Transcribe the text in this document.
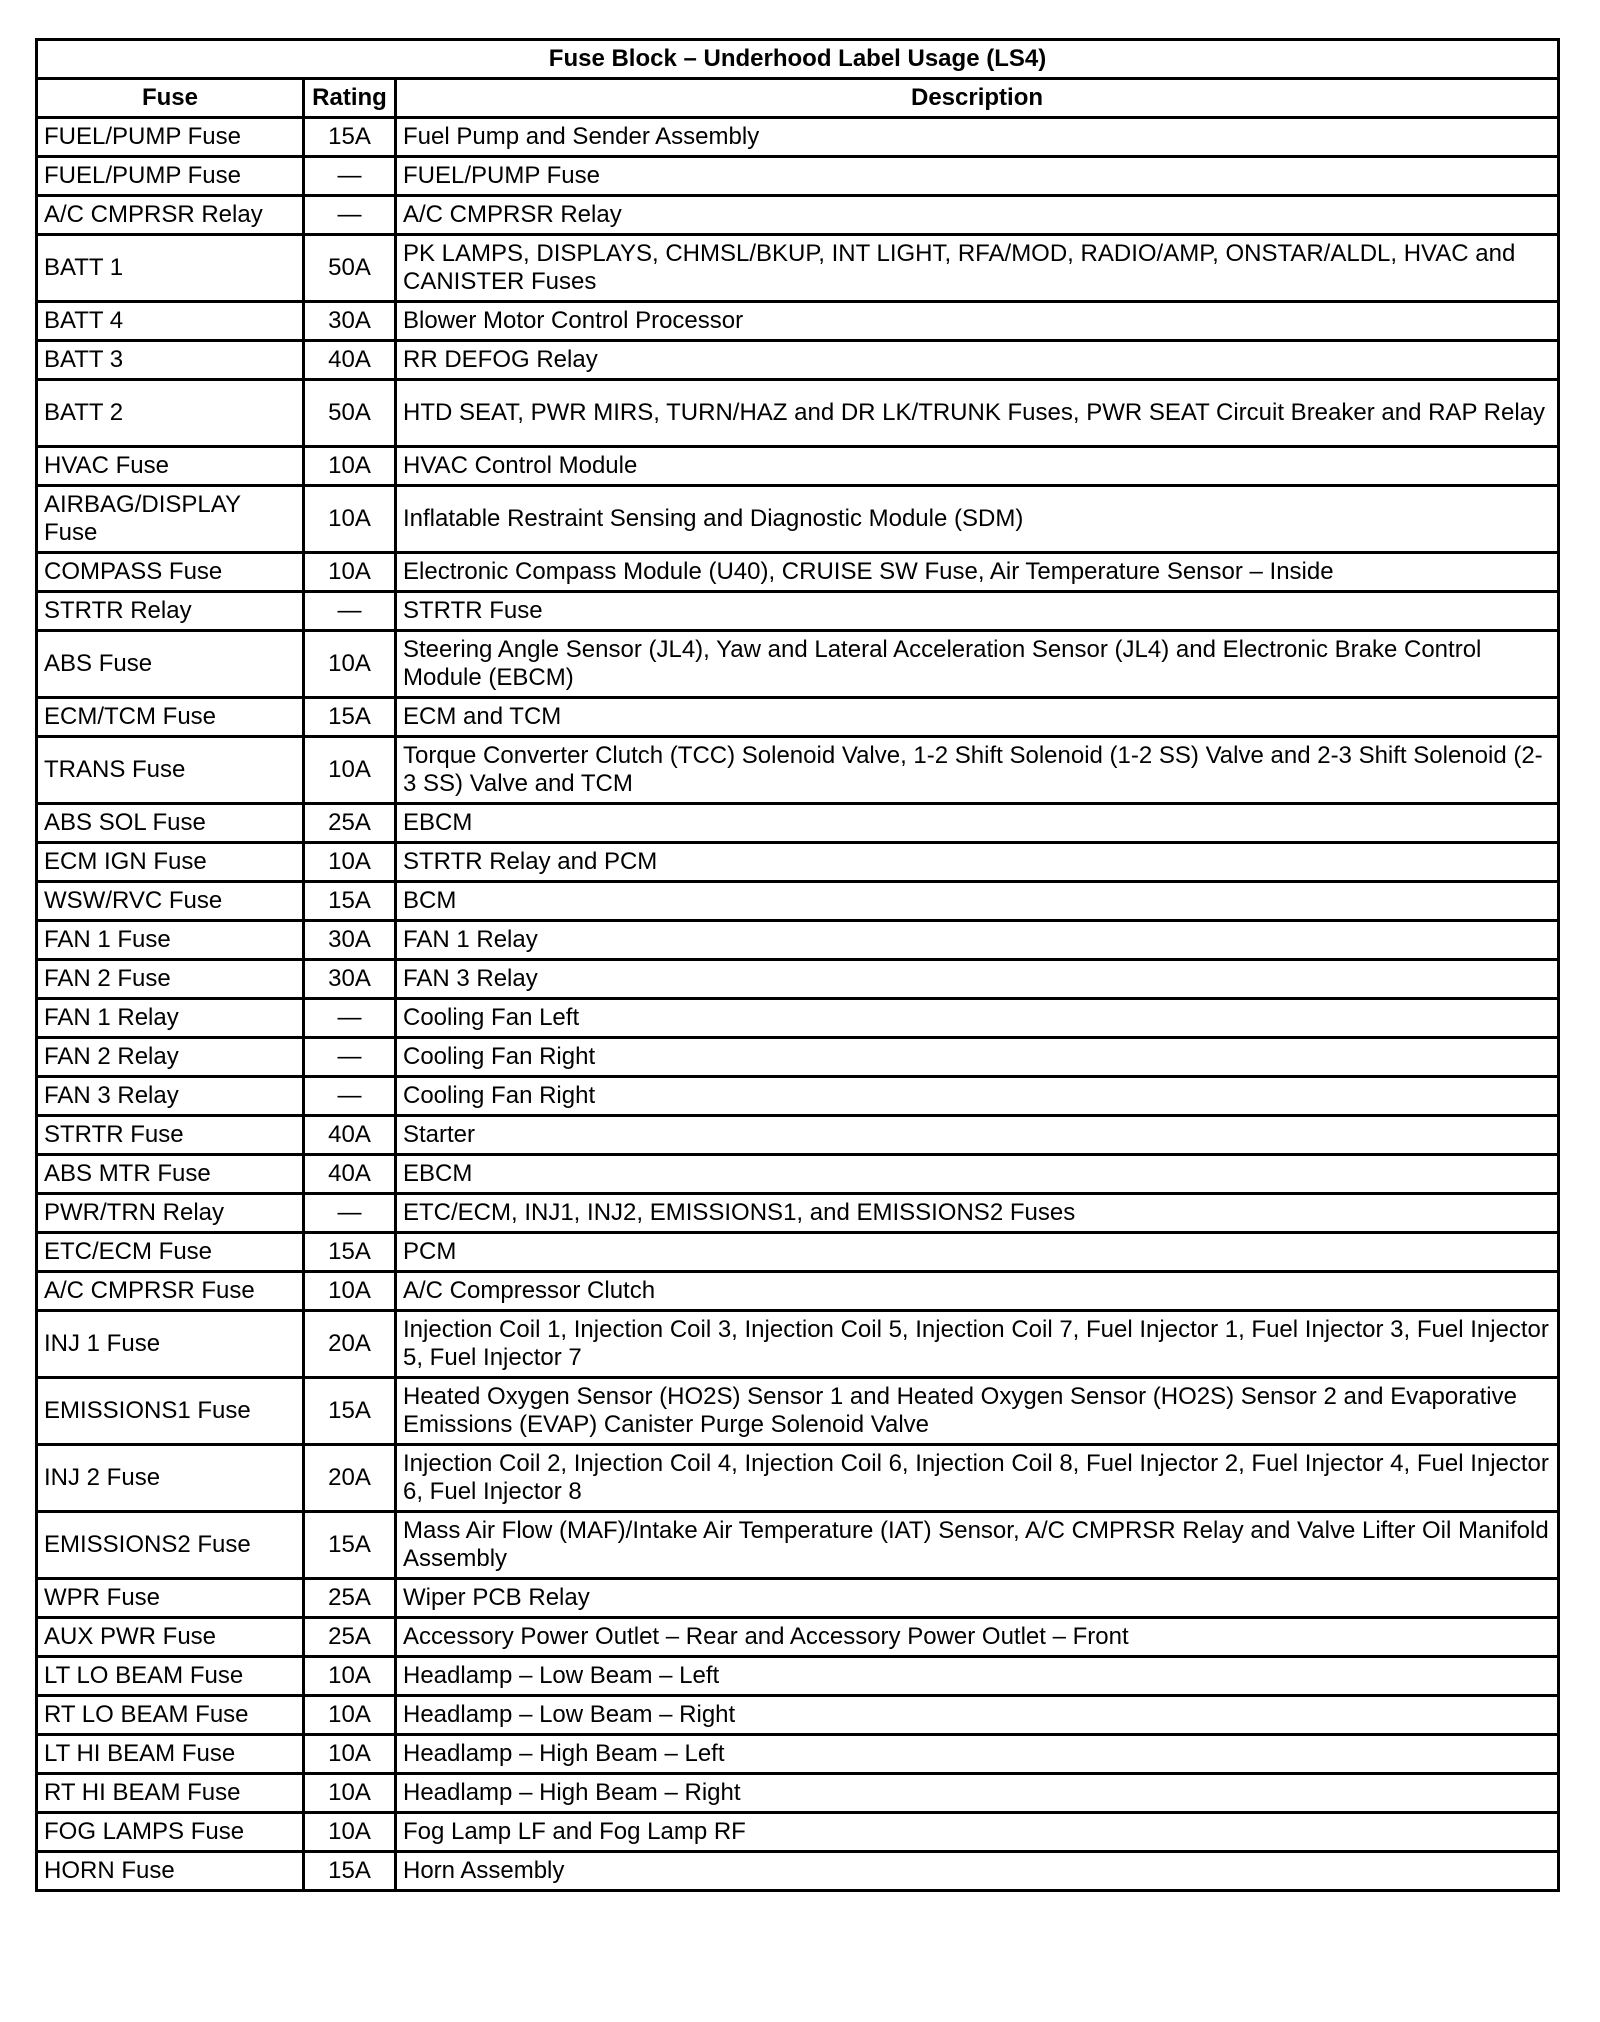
Fuse Block – Underhood Label Usage (LS4)		
Fuse	Rating	Description
FUEL/PUMP Fuse	15A	Fuel Pump and Sender Assembly
FUEL/PUMP Fuse	—	FUEL/PUMP Fuse
A/C CMPRSR Relay	—	A/C CMPRSR Relay
BATT 1	50A	PK LAMPS, DISPLAYS, CHMSL/BKUP, INT LIGHT, RFA/MOD, RADIO/AMP, ONSTAR/ALDL, HVAC and CANISTER Fuses
BATT 4	30A	Blower Motor Control Processor
BATT 3	40A	RR DEFOG Relay
BATT 2	50A	HTD SEAT, PWR MIRS, TURN/HAZ and DR LK/TRUNK Fuses, PWR SEAT Circuit Breaker and RAP Relay
HVAC Fuse	10A	HVAC Control Module
AIRBAG/DISPLAY Fuse	10A	Inflatable Restraint Sensing and Diagnostic Module (SDM)
COMPASS Fuse	10A	Electronic Compass Module (U40), CRUISE SW Fuse, Air Temperature Sensor – Inside
STRTR Relay	—	STRTR Fuse
ABS Fuse	10A	Steering Angle Sensor (JL4), Yaw and Lateral Acceleration Sensor (JL4) and Electronic Brake Control Module (EBCM)
ECM/TCM Fuse	15A	ECM and TCM
TRANS Fuse	10A	Torque Converter Clutch (TCC) Solenoid Valve, 1-2 Shift Solenoid (1-2 SS) Valve and 2-3 Shift Solenoid (2-3 SS) Valve and TCM
ABS SOL Fuse	25A	EBCM
ECM IGN Fuse	10A	STRTR Relay and PCM
WSW/RVC Fuse	15A	BCM
FAN 1 Fuse	30A	FAN 1 Relay
FAN 2 Fuse	30A	FAN 3 Relay
FAN 1 Relay	—	Cooling Fan Left
FAN 2 Relay	—	Cooling Fan Right
FAN 3 Relay	—	Cooling Fan Right
STRTR Fuse	40A	Starter
ABS MTR Fuse	40A	EBCM
PWR/TRN Relay	—	ETC/ECM, INJ1, INJ2, EMISSIONS1, and EMISSIONS2 Fuses
ETC/ECM Fuse	15A	PCM
A/C CMPRSR Fuse	10A	A/C Compressor Clutch
INJ 1 Fuse	20A	Injection Coil 1, Injection Coil 3, Injection Coil 5, Injection Coil 7, Fuel Injector 1, Fuel Injector 3, Fuel Injector 5, Fuel Injector 7
EMISSIONS1 Fuse	15A	Heated Oxygen Sensor (HO2S) Sensor 1 and Heated Oxygen Sensor (HO2S) Sensor 2 and Evaporative Emissions (EVAP) Canister Purge Solenoid Valve
INJ 2 Fuse	20A	Injection Coil 2, Injection Coil 4, Injection Coil 6, Injection Coil 8, Fuel Injector 2, Fuel Injector 4, Fuel Injector 6, Fuel Injector 8
EMISSIONS2 Fuse	15A	Mass Air Flow (MAF)/Intake Air Temperature (IAT) Sensor, A/C CMPRSR Relay and Valve Lifter Oil Manifold Assembly
WPR Fuse	25A	Wiper PCB Relay
AUX PWR Fuse	25A	Accessory Power Outlet – Rear and Accessory Power Outlet – Front
LT LO BEAM Fuse	10A	Headlamp – Low Beam – Left
RT LO BEAM Fuse	10A	Headlamp – Low Beam – Right
LT HI BEAM Fuse	10A	Headlamp – High Beam – Left
RT HI BEAM Fuse	10A	Headlamp – High Beam – Right
FOG LAMPS Fuse	10A	Fog Lamp LF and Fog Lamp RF
HORN Fuse	15A	Horn Assembly
